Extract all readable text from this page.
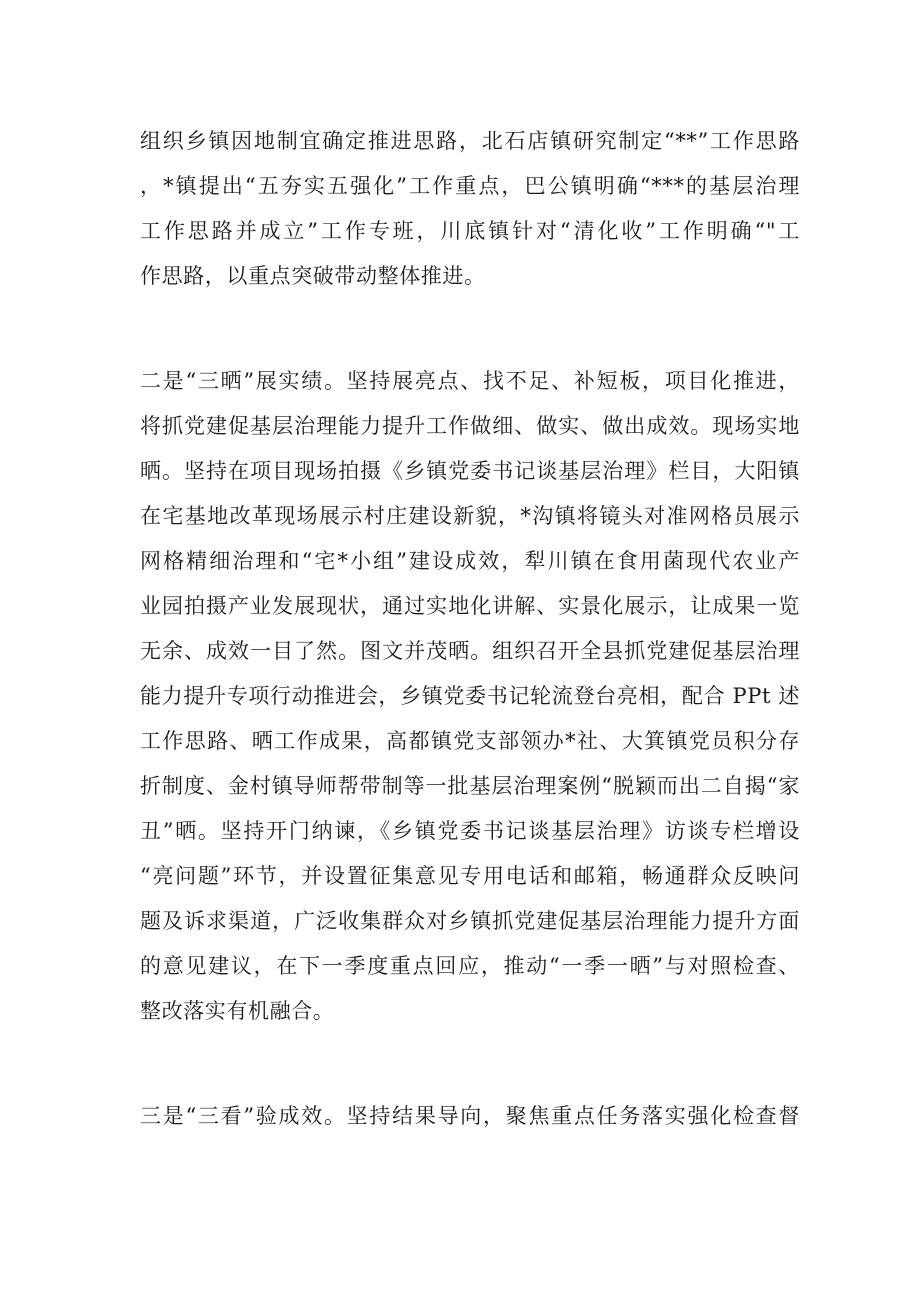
组织乡镇因地制宜确定推进思路，北石店镇研究制定“**”工作思路
，*镇提出“五夯实五强化”工作重点，巴公镇明确“***的基层治理
工作思路并成立”工作专班，川底镇针对“清化收”工作明确“"工
作思路，以重点突破带动整体推进。
二是“三晒”展实绩。坚持展亮点、找不足、补短板，项目化推进，
将抓党建促基层治理能力提升工作做细、做实、做出成效。现场实地
晒。坚持在项目现场拍摄《乡镇党委书记谈基层治理》栏目，大阳镇
在宅基地改革现场展示村庄建设新貌，*沟镇将镜头对准网格员展示
网格精细治理和“宅*小组”建设成效，犁川镇在食用菌现代农业产
业园拍摄产业发展现状，通过实地化讲解、实景化展示，让成果一览
无余、成效一目了然。图文并茂晒。组织召开全县抓党建促基层治理
能力提升专项行动推进会，乡镇党委书记轮流登台亮相，配合 PPt 述
工作思路、晒工作成果，高都镇党支部领办*社、大箕镇党员积分存
折制度、金村镇导师帮带制等一批基层治理案例“脱颖而出二自揭“家
丑”晒。坚持开门纳谏，《乡镇党委书记谈基层治理》访谈专栏增设
“亮问题”环节，并设置征集意见专用电话和邮箱，畅通群众反映问
题及诉求渠道，广泛收集群众对乡镇抓党建促基层治理能力提升方面
的意见建议，在下一季度重点回应，推动“一季一晒”与对照检查、
整改落实有机融合。
三是“三看”验成效。坚持结果导向，聚焦重点任务落实强化检查督
